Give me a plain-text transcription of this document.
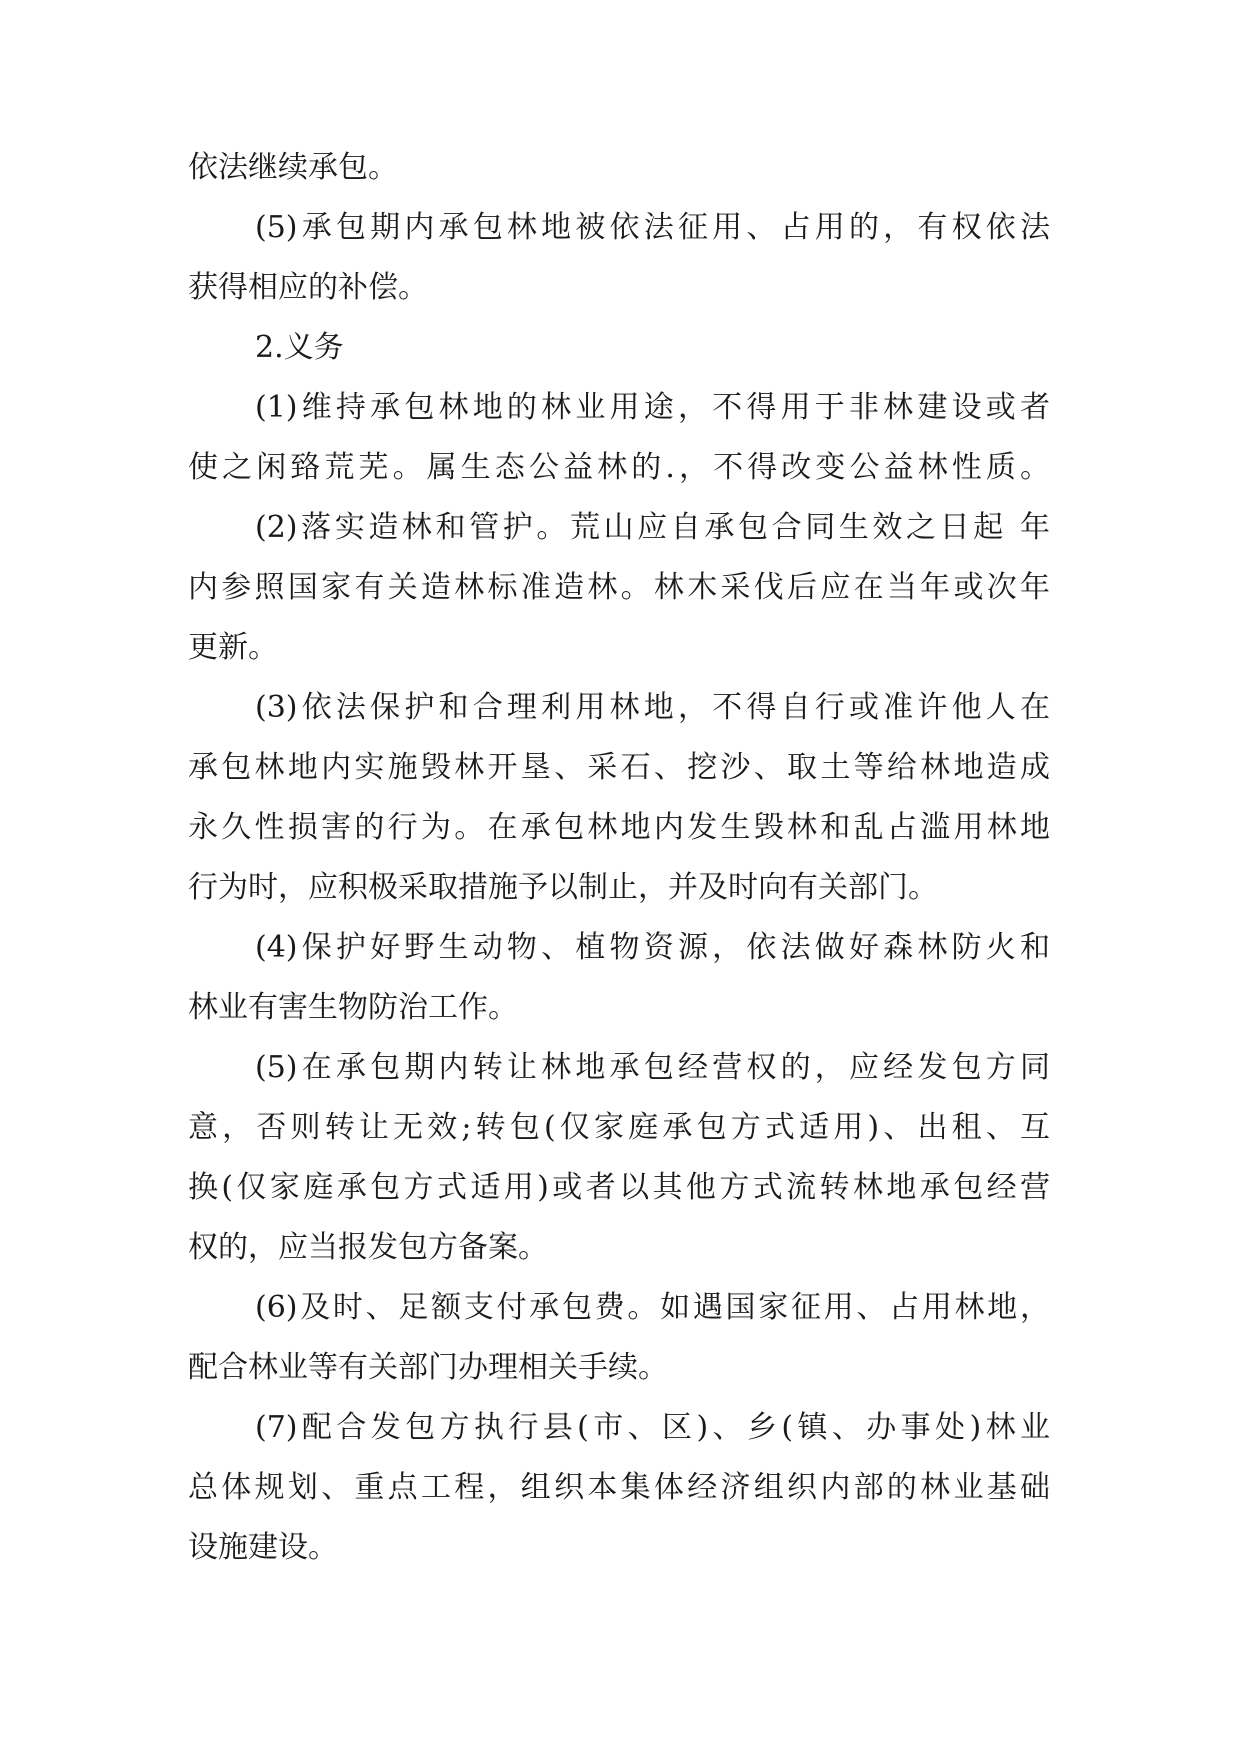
依法继续承包。
(5)承包期内承包林地被依法征用、占用的，有权依法
获得相应的补偿。
2.义务
(1)维持承包林地的林业用途，不得用于非林建设或者
使之闲臵荒芜。属生态公益林的.，不得改变公益林性质。
(2)落实造林和管护。荒山应自承包合同生效之日起 年
内参照国家有关造林标准造林。林木采伐后应在当年或次年
更新。
(3)依法保护和合理利用林地，不得自行或准许他人在
承包林地内实施毁林开垦、采石、挖沙、取土等给林地造成
永久性损害的行为。在承包林地内发生毁林和乱占滥用林地
行为时，应积极采取措施予以制止，并及时向有关部门。
(4)保护好野生动物、植物资源，依法做好森林防火和
林业有害生物防治工作。
(5)在承包期内转让林地承包经营权的，应经发包方同
意，否则转让无效;转包(仅家庭承包方式适用)、出租、互
换(仅家庭承包方式适用)或者以其他方式流转林地承包经营
权的，应当报发包方备案。
(6)及时、足额支付承包费。如遇国家征用、占用林地，
配合林业等有关部门办理相关手续。
(7)配合发包方执行县(市、区)、乡(镇、办事处)林业
总体规划、重点工程，组织本集体经济组织内部的林业基础
设施建设。
